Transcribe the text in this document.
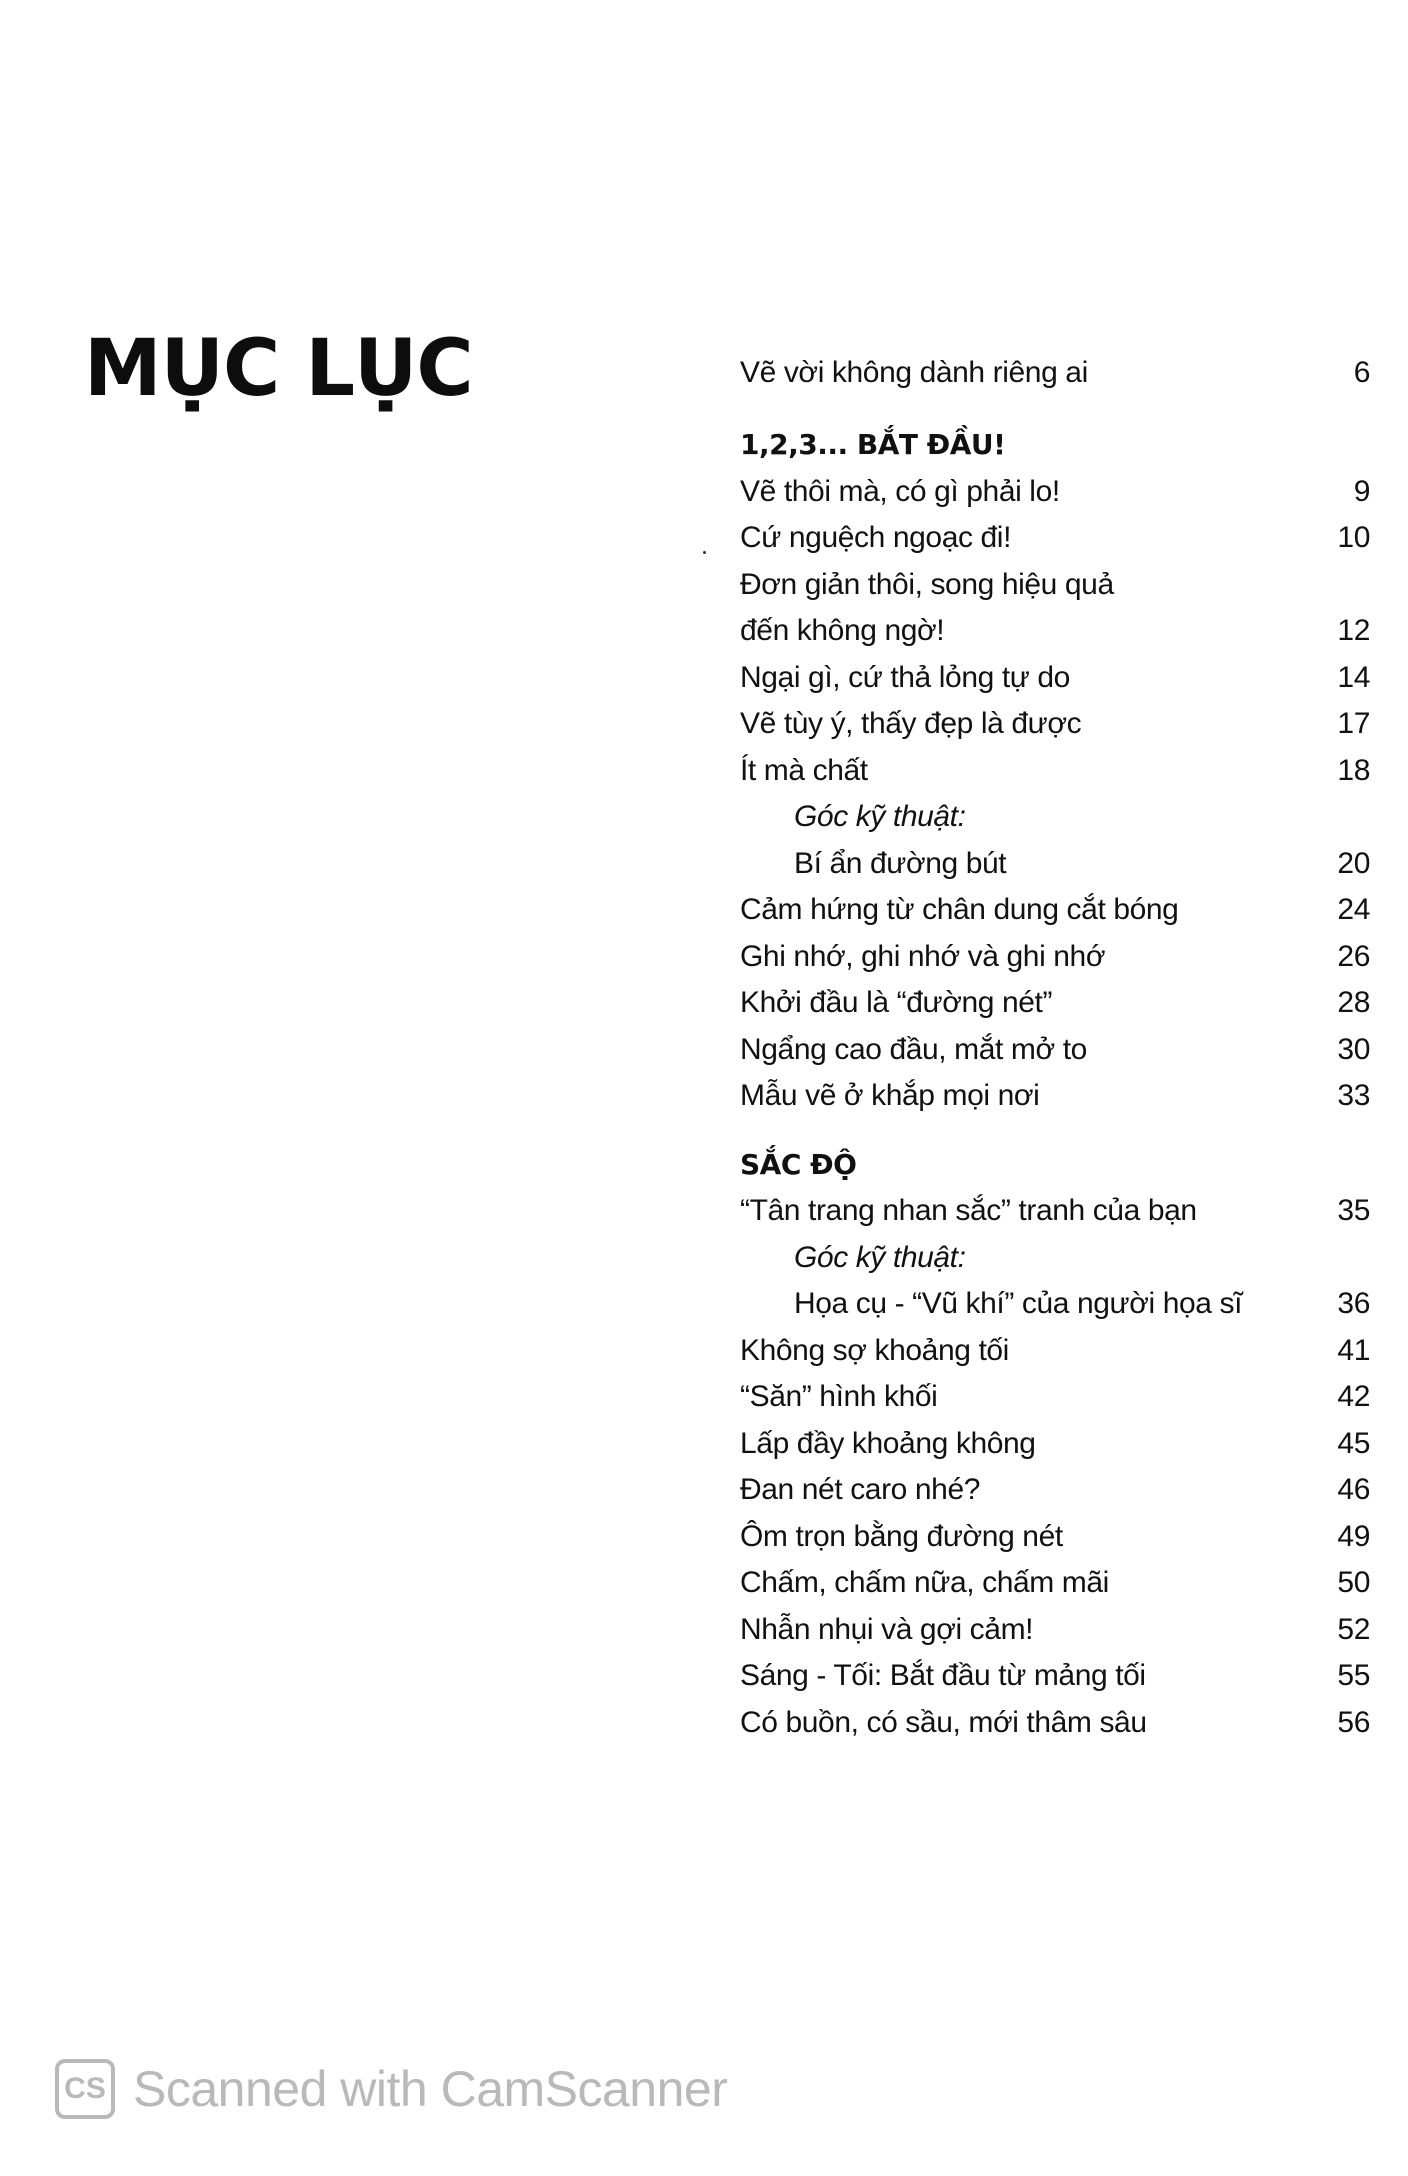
MỤC LỤC	Vẽ vời không dành riêng ai	6
1,2,3... BẮT ĐẦU!
Vẽ thôi mà, có gì phải lo!	9
Cứ nguệch ngoạc đi!	10
Đơn giản thôi, song hiệu quả
đến không ngờ!	12
Ngại gì, cứ thả lỏng tự do	14
Vẽ tùy ý, thấy đẹp là được	17
Ít mà chất	18
Góc kỹ thuật:
Bí ẩn đường bút	20
Cảm hứng từ chân dung cắt bóng	24
Ghi nhớ, ghi nhớ và ghi nhớ	26
Khởi đầu là “đường nét”	28
Ngẩng cao đầu, mắt mở to	30
Mẫu vẽ ở khắp mọi nơi	33
SẮC ĐỘ
“Tân trang nhan sắc” tranh của bạn	35
Góc kỹ thuật:
Họa cụ - “Vũ khí” của người họa sĩ	36
Không sợ khoảng tối	41
“Săn” hình khối	42
Lấp đầy khoảng không	45
Đan nét caro nhé?	46
Ôm trọn bằng đường nét	49
Chấm, chấm nữa, chấm mãi	50
Nhẫn nhụi và gợi cảm!	52
Sáng - Tối: Bắt đầu từ mảng tối	55
Có buồn, có sầu, mới thâm sâu	56
CS Scanned with CamScanner
